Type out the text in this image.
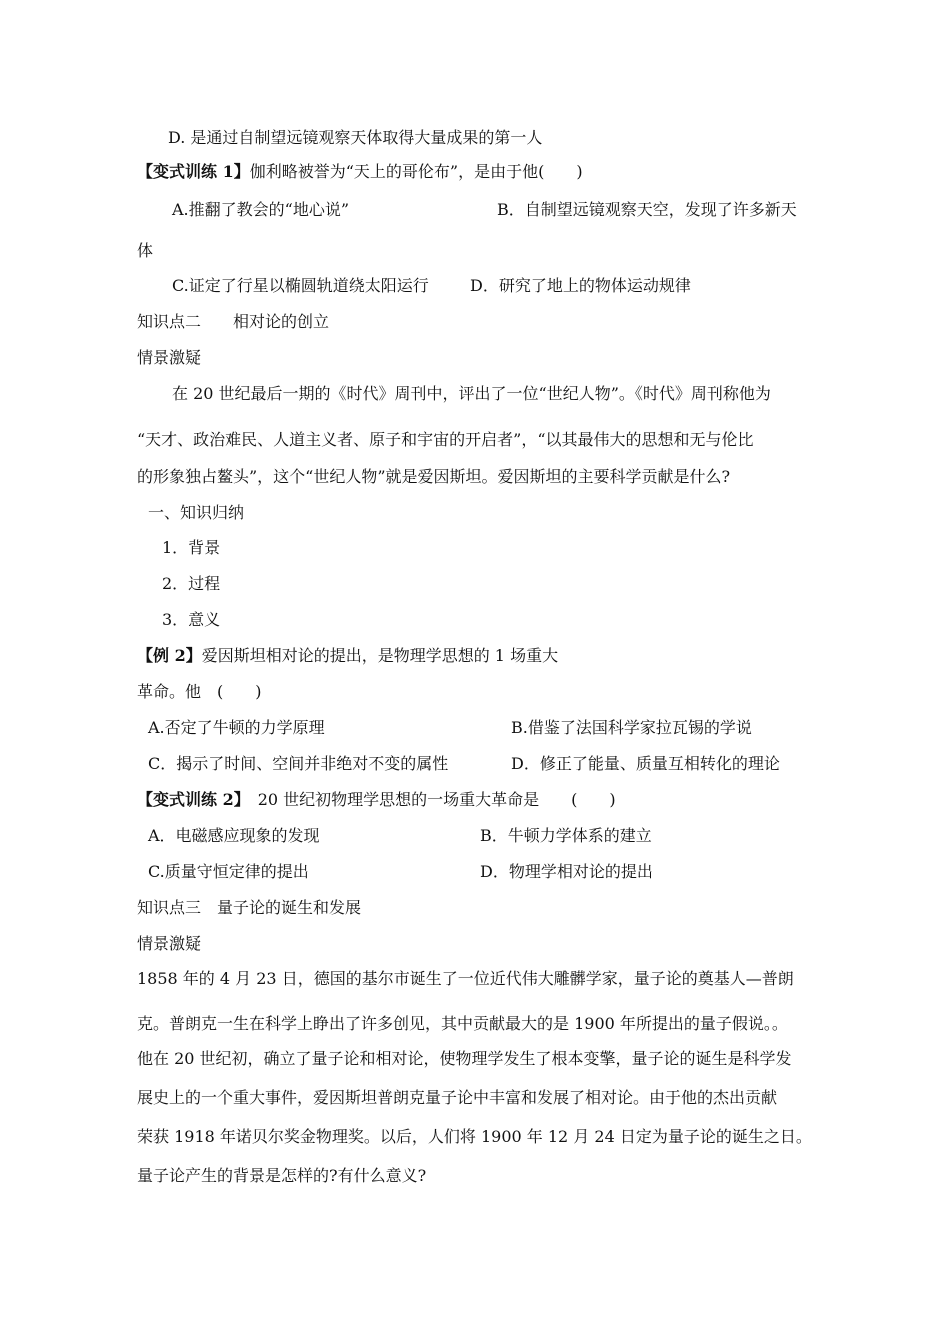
D. 是通过自制望远镜观察天体取得大量成果的第一人
【变式训练 1】伽利略被誉为“天上的哥伦布”，是由于他(　　)
A.推翻了教会的“地心说”	B．自制望远镜观察天空，发现了许多新天
体
C.证定了行星以椭圆轨道绕太阳运行	D．研究了地上的物体运动规律
知识点二　　相对论的创立
情景激疑
在 20 世纪最后一期的《时代》周刊中，评出了一位“世纪人物”。《时代》周刊称他为
“天才、政治难民、人道主义者、原子和宇宙的开启者”，“以其最伟大的思想和无与伦比
的形象独占鳌头”，这个“世纪人物”就是爱因斯坦。爱因斯坦的主要科学贡献是什么?
一、知识归纳
1．背景
2．过程
3．意义
【例 2】爱因斯坦相对论的提出，是物理学思想的 1 场重大
革命。他　(　　)
A.否定了牛顿的力学原理	B.借鉴了法国科学家拉瓦锡的学说
C．揭示了时间、空间并非绝对不变的属性	D．修正了能量、质量互相转化的理论
【变式训练 2】　20 世纪初物理学思想的一场重大革命是　　(　　)
A．电磁感应现象的发现	B．牛顿力学体系的建立
C.质量守恒定律的提出	D．物理学相对论的提出
知识点三　量子论的诞生和发展
情景激疑
1858 年的 4 月 23 日，德国的基尔市诞生了一位近代伟大雕髒学家，量子论的奠基人—普朗
克。普朗克一生在科学上睁出了许多创见，其中贡献最大的是 1900 年所提出的量子假说。。
他在 20 世纪初，确立了量子论和相对论，使物理学发生了根本变擎，量子论的诞生是科学发
展史上的一个重大事件，爱因斯坦普朗克量子论中丰富和发展了相对论。由于他的杰出贡献
荣获 1918 年诺贝尔奖金物理奖。以后，人们将 1900 年 12 月 24 日定为量子论的诞生之日。
量子论产生的背景是怎样的?有什么意义?
